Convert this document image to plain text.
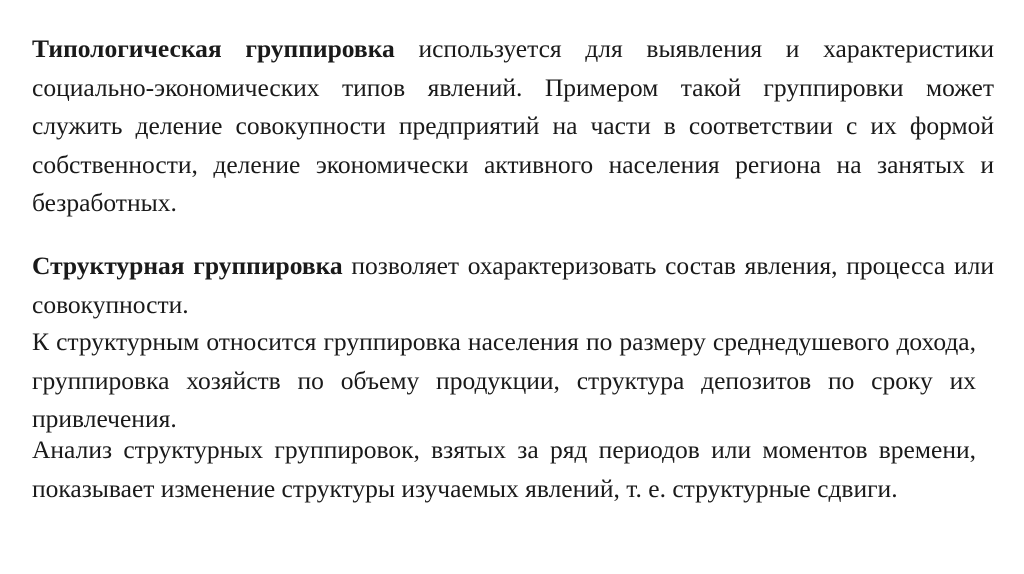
Типологическая группировка используется для выявления и характеристики социально-экономических типов явлений. Примером такой группировки может служить деление совокупности предприятий на части в соответствии с их формой собственности, деление экономически активного населения региона на занятых и безработных.

Структурная группировка позволяет охарактеризовать состав явления, процесса или совокупности.

К структурным относится группировка населения по размеру среднедушевого дохода, группировка хозяйств по объему продукции, структура депозитов по сроку их привлечения.

Анализ структурных группировок, взятых за ряд периодов или моментов времени, показывает изменение структуры изучаемых явлений, т. е. структурные сдвиги.
